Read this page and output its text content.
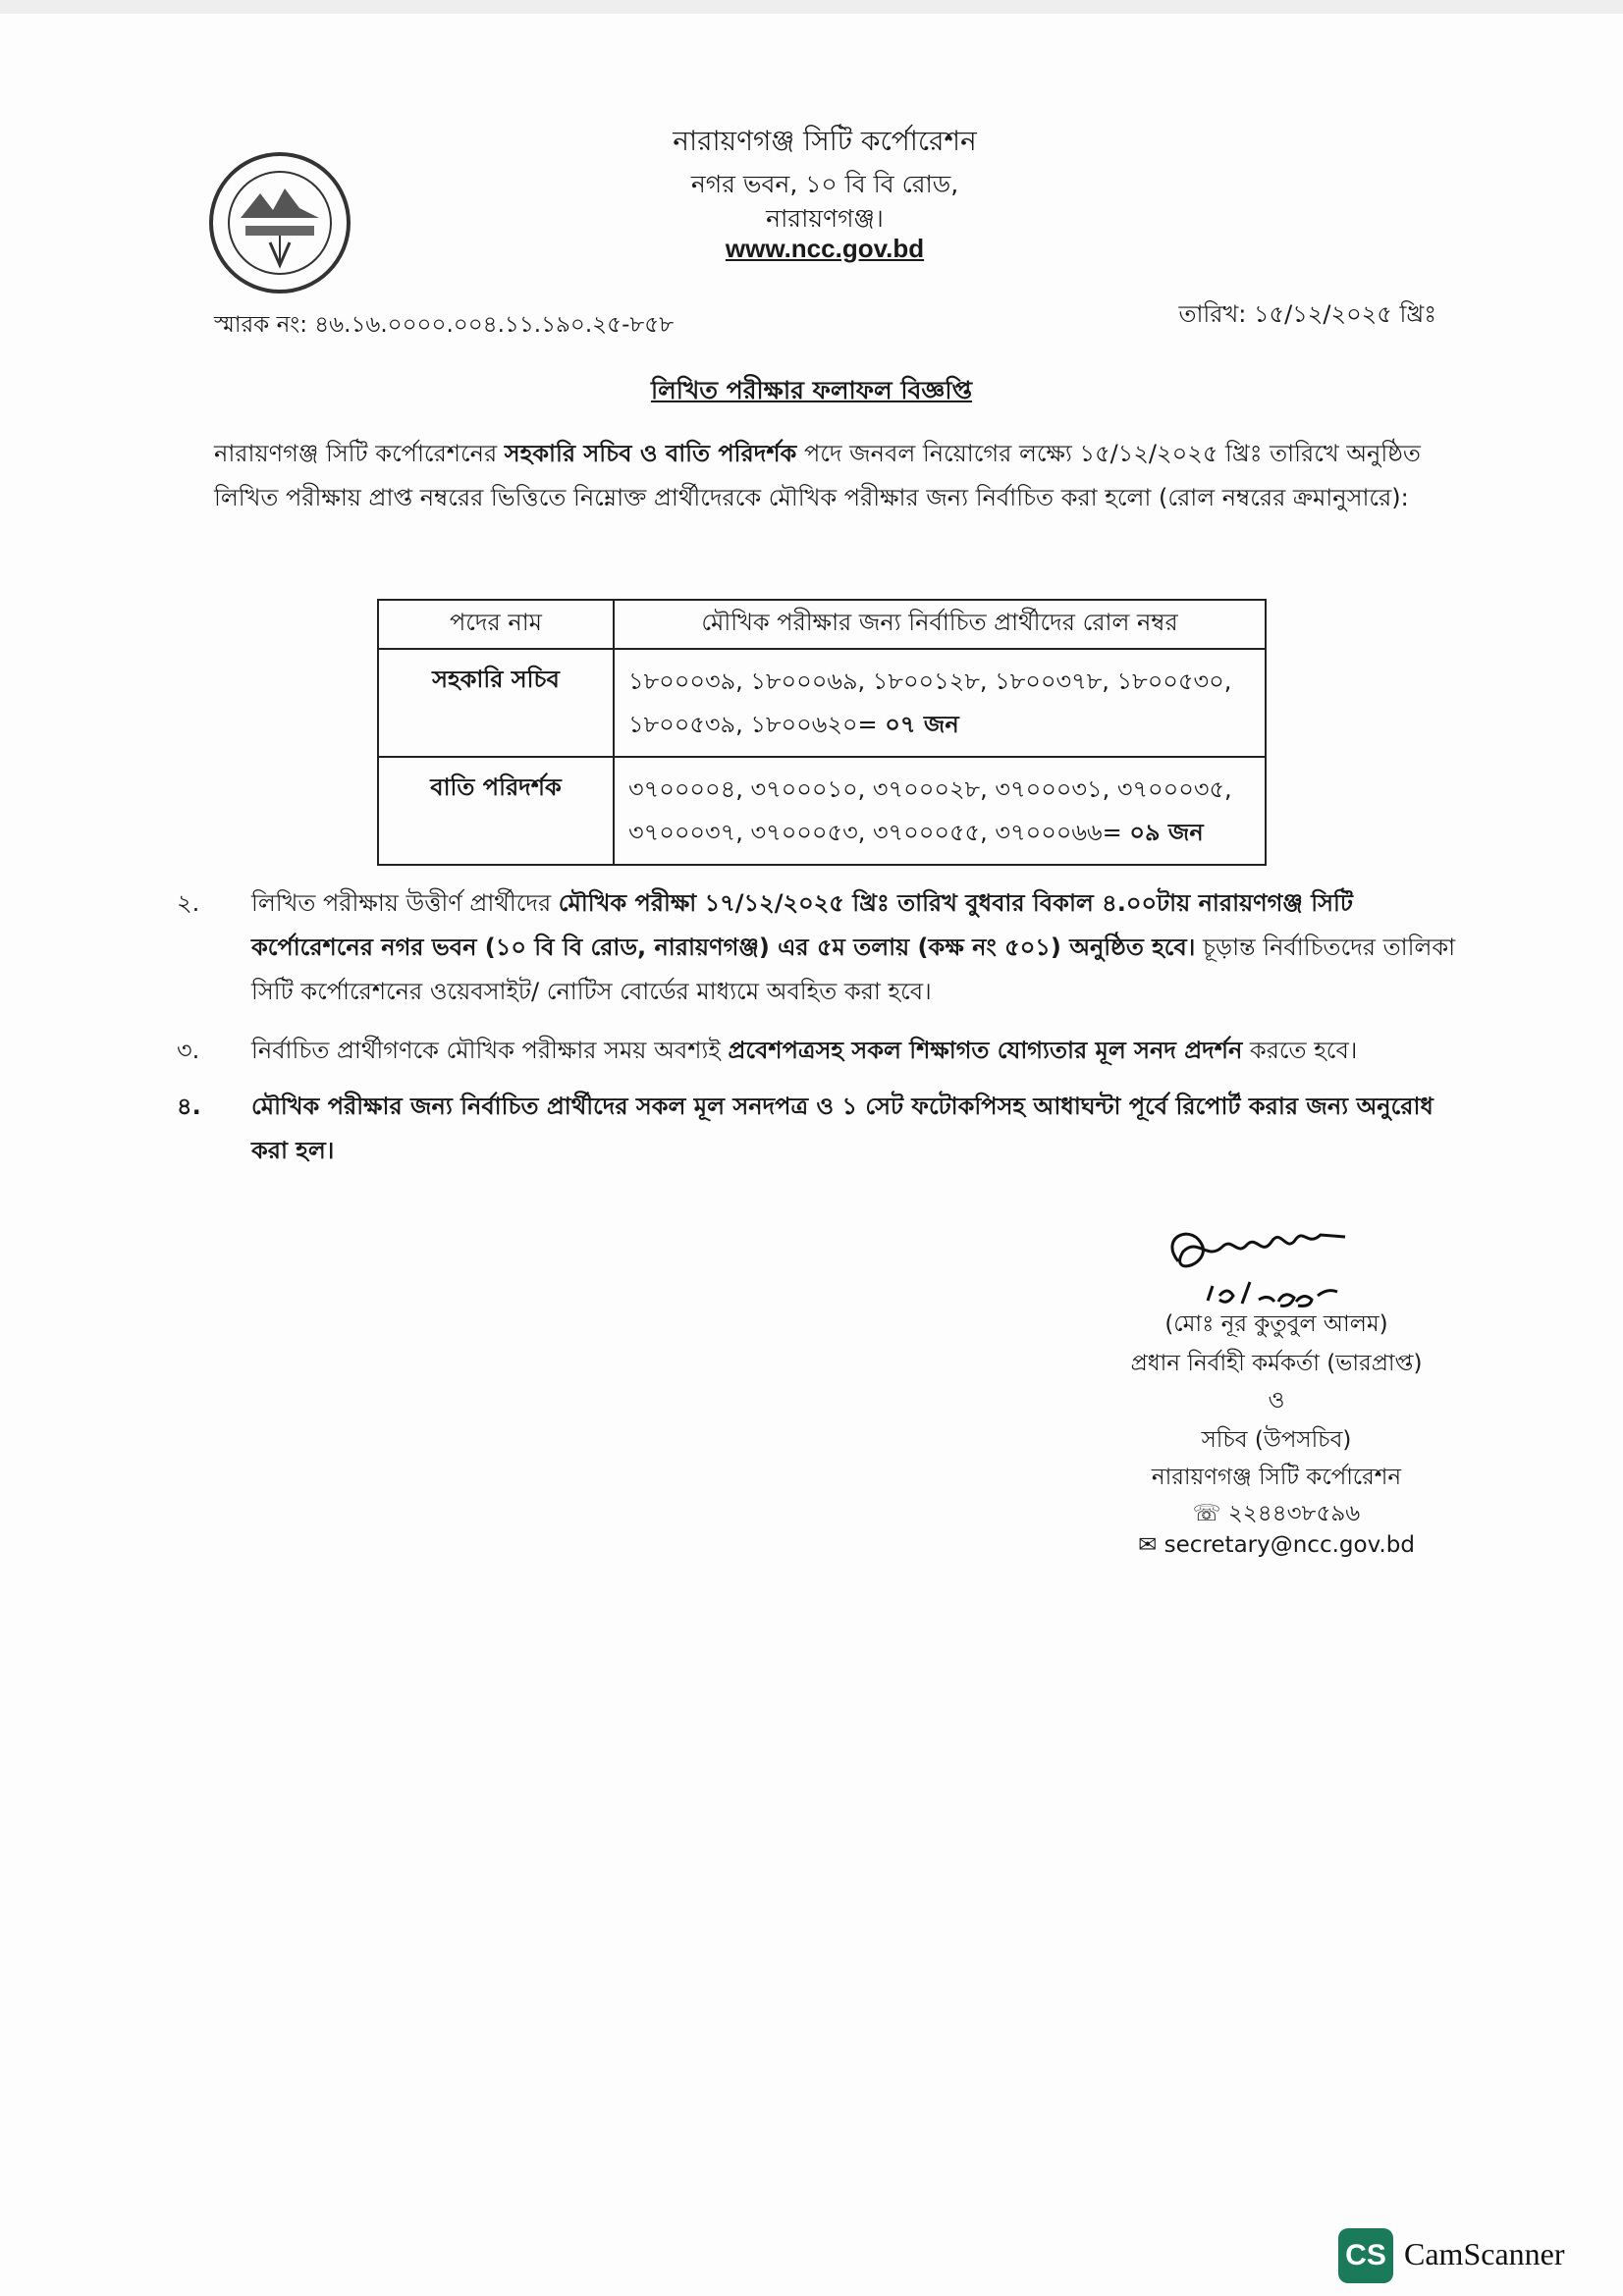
নারায়ণগঞ্জ সিটি কর্পোরেশন
নগর ভবন, ১০ বি বি রোড,
নারায়ণগঞ্জ।
www.ncc.gov.bd
স্মারক নং: ৪৬.১৬.০০০০.০০৪.১১.১৯০.২৫-৮৫৮	তারিখ: ১৫/১২/২০২৫ খ্রিঃ
লিখিত পরীক্ষার ফলাফল বিজ্ঞপ্তি
নারায়ণগঞ্জ সিটি কর্পোরেশনের সহকারি সচিব ও বাতি পরিদর্শক পদে জনবল নিয়োগের লক্ষ্যে ১৫/১২/২০২৫ খ্রিঃ তারিখে অনুষ্ঠিত লিখিত পরীক্ষায় প্রাপ্ত নম্বরের ভিত্তিতে নিম্নোক্ত প্রার্থীদেরকে মৌখিক পরীক্ষার জন্য নির্বাচিত করা হলো (রোল নম্বরের ক্রমানুসারে):
পদের নাম	মৌখিক পরীক্ষার জন্য নির্বাচিত প্রার্থীদের রোল নম্বর
সহকারি সচিব	১৮০০০৩৯, ১৮০০০৬৯, ১৮০০১২৮, ১৮০০৩৭৮, ১৮০০৫৩০,
১৮০০৫৩৯, ১৮০০৬২০= ০৭ জন

বাতি পরিদর্শক	৩৭০০০০৪, ৩৭০০০১০, ৩৭০০০২৮, ৩৭০০০৩১, ৩৭০০০৩৫,
৩৭০০০৩৭, ৩৭০০০৫৩, ৩৭০০০৫৫, ৩৭০০০৬৬= ০৯ জন
২. লিখিত পরীক্ষায় উত্তীর্ণ প্রার্থীদের মৌখিক পরীক্ষা ১৭/১২/২০২৫ খ্রিঃ তারিখ বুধবার বিকাল ৪.০০টায় নারায়ণগঞ্জ সিটি কর্পোরেশনের নগর ভবন (১০ বি বি রোড, নারায়ণগঞ্জ) এর ৫ম তলায় (কক্ষ নং ৫০১) অনুষ্ঠিত হবে। চূড়ান্ত নির্বাচিতদের তালিকা সিটি কর্পোরেশনের ওয়েবসাইট/ নোটিস বোর্ডের মাধ্যমে অবহিত করা হবে।
৩. নির্বাচিত প্রার্থীগণকে মৌখিক পরীক্ষার সময় অবশ্যই প্রবেশপত্রসহ সকল শিক্ষাগত যোগ্যতার মূল সনদ প্রদর্শন করতে হবে।
৪. মৌখিক পরীক্ষার জন্য নির্বাচিত প্রার্থীদের সকল মূল সনদপত্র ও ১ সেট ফটোকপিসহ আধাঘন্টা পূর্বে রিপোর্ট করার জন্য অনুরোধ করা হল।
(মোঃ নূর কুতুবুল আলম)
প্রধান নির্বাহী কর্মকর্তা (ভারপ্রাপ্ত)
ও
সচিব (উপসচিব)
নারায়ণগঞ্জ সিটি কর্পোরেশন
☏ ২২৪৪৩৮৫৯৬
✉ secretary@ncc.gov.bd
CS CamScanner
